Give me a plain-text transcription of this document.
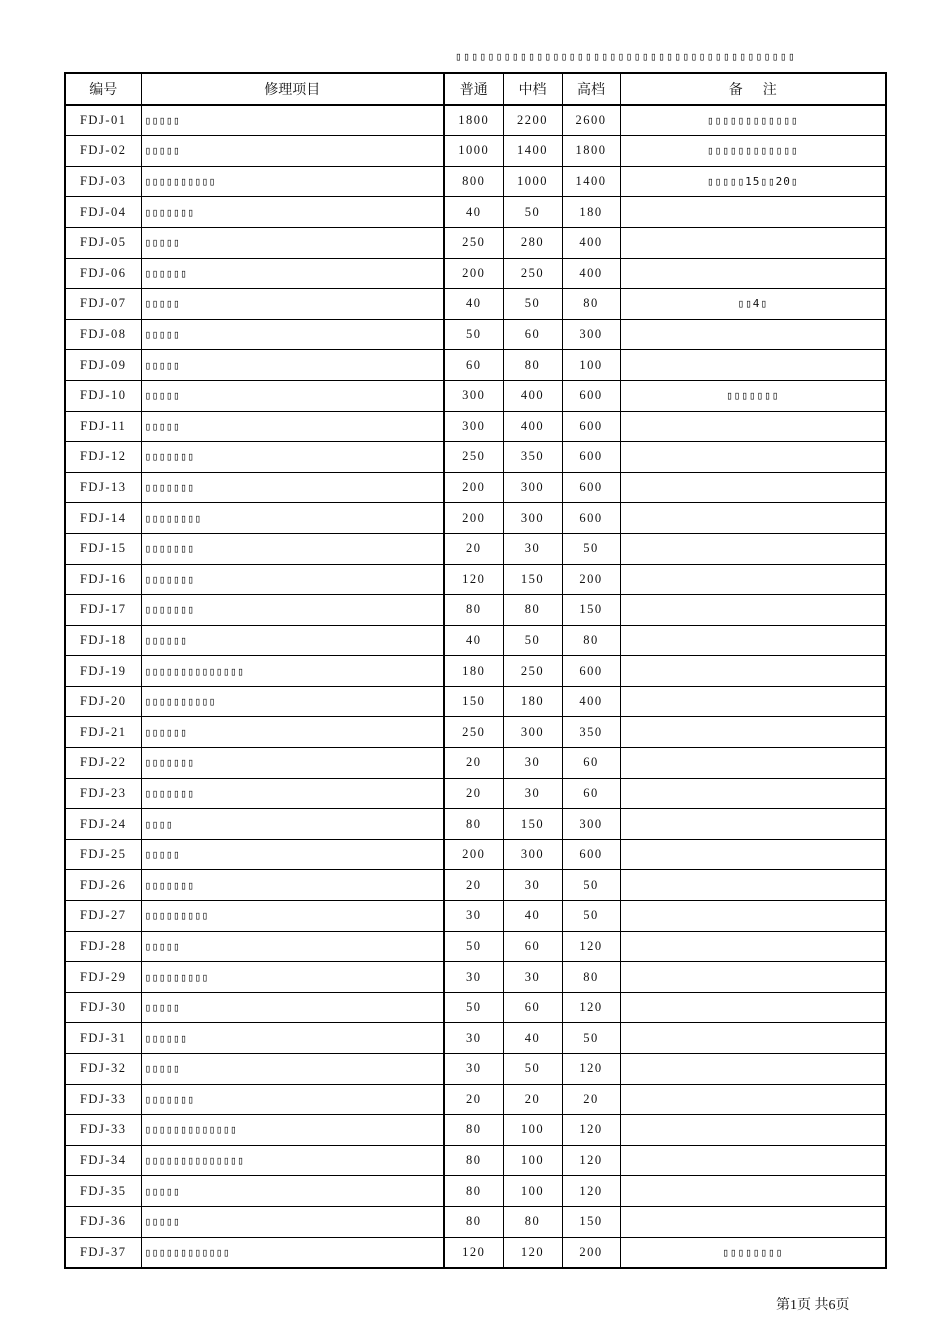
▯▯▯▯▯▯▯▯▯▯▯▯▯▯▯▯▯▯▯▯▯▯▯▯▯▯▯▯▯▯▯▯▯▯▯▯▯▯▯▯▯▯
编号	修理项目	普通	中档	高档	备注
FDJ-01	▯▯▯▯▯	1800	2200	2600	▯▯▯▯▯▯▯▯▯▯▯▯
FDJ-02	▯▯▯▯▯	1000	1400	1800	▯▯▯▯▯▯▯▯▯▯▯▯
FDJ-03	▯▯▯▯▯▯▯▯▯▯	800	1000	1400	▯▯▯▯▯15▯▯20▯
FDJ-04	▯▯▯▯▯▯▯	40	50	180	
FDJ-05	▯▯▯▯▯	250	280	400	
FDJ-06	▯▯▯▯▯▯	200	250	400	
FDJ-07	▯▯▯▯▯	40	50	80	▯▯4▯
FDJ-08	▯▯▯▯▯	50	60	300	
FDJ-09	▯▯▯▯▯	60	80	100	
FDJ-10	▯▯▯▯▯	300	400	600	▯▯▯▯▯▯▯
FDJ-11	▯▯▯▯▯	300	400	600	
FDJ-12	▯▯▯▯▯▯▯	250	350	600	
FDJ-13	▯▯▯▯▯▯▯	200	300	600	
FDJ-14	▯▯▯▯▯▯▯▯	200	300	600	
FDJ-15	▯▯▯▯▯▯▯	20	30	50	
FDJ-16	▯▯▯▯▯▯▯	120	150	200	
FDJ-17	▯▯▯▯▯▯▯	80	80	150	
FDJ-18	▯▯▯▯▯▯	40	50	80	
FDJ-19	▯▯▯▯▯▯▯▯▯▯▯▯▯▯	180	250	600	
FDJ-20	▯▯▯▯▯▯▯▯▯▯	150	180	400	
FDJ-21	▯▯▯▯▯▯	250	300	350	
FDJ-22	▯▯▯▯▯▯▯	20	30	60	
FDJ-23	▯▯▯▯▯▯▯	20	30	60	
FDJ-24	▯▯▯▯	80	150	300	
FDJ-25	▯▯▯▯▯	200	300	600	
FDJ-26	▯▯▯▯▯▯▯	20	30	50	
FDJ-27	▯▯▯▯▯▯▯▯▯	30	40	50	
FDJ-28	▯▯▯▯▯	50	60	120	
FDJ-29	▯▯▯▯▯▯▯▯▯	30	30	80	
FDJ-30	▯▯▯▯▯	50	60	120	
FDJ-31	▯▯▯▯▯▯	30	40	50	
FDJ-32	▯▯▯▯▯	30	50	120	
FDJ-33	▯▯▯▯▯▯▯	20	20	20	
FDJ-33	▯▯▯▯▯▯▯▯▯▯▯▯▯	80	100	120	
FDJ-34	▯▯▯▯▯▯▯▯▯▯▯▯▯▯	80	100	120	
FDJ-35	▯▯▯▯▯	80	100	120	
FDJ-36	▯▯▯▯▯	80	80	150	
FDJ-37	▯▯▯▯▯▯▯▯▯▯▯▯	120	120	200	▯▯▯▯▯▯▯▯
第1页 共6页
